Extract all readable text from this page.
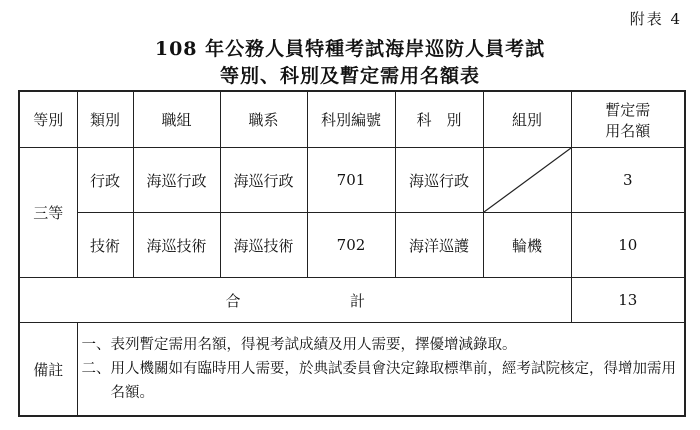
附表 4
108 年公務人員特種考試海岸巡防人員考試
等別、科別及暫定需用名額表
等別	類別	職組	職系	科別編號	科　別	組別	暫定需
用名額

三等	行政	海巡行政	海巡行政	701	海巡行政		3
	技術	海巡技術	海巡技術	702	海洋巡護	輪機	10
合 計							13
備註	一、 表列暫定需用名額，得視考試成績及用人需要，擇優增減錄取。
二、 用人機關如有臨時用人需要，於典試委員會決定錄取標準前，經考試院核定，得增加需用名額。						
